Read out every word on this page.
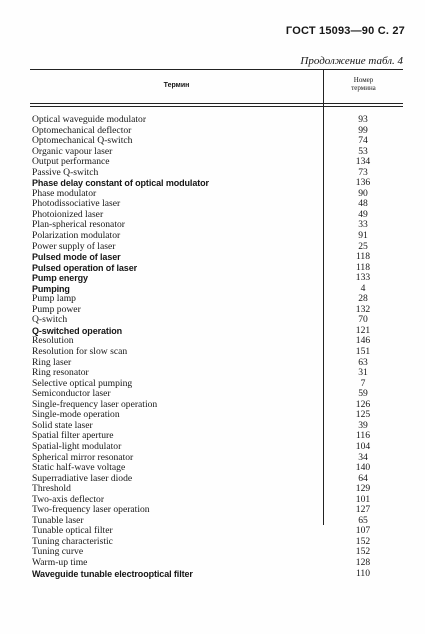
ГОСТ 15093—90 С. 27
Продолжение табл. 4
Термин
Номер
термина
Optical waveguide modulator	93
Optomechanical deflector	99
Optomechanical Q-switch	74
Organic vapour laser	53
Output performance	134
Passive Q-switch	73
Phase delay constant of optical modulator	136
Phase modulator	90
Photodissociative laser	48
Photoionized laser	49
Plan-spherical resonator	33
Polarization modulator	91
Power supply of laser	25
Pulsed mode of laser	118
Pulsed operation of laser	118
Pump energy	133
Pumping	4
Pump lamp	28
Pump power	132
Q-switch	70
Q-switched operation	121
Resolution	146
Resolution for slow scan	151
Ring laser	63
Ring resonator	31
Selective optical pumping	7
Semiconductor laser	59
Single-frequency laser operation	126
Single-mode operation	125
Solid state laser	39
Spatial filter aperture	116
Spatial-light modulator	104
Spherical mirror resonator	34
Static half-wave voltage	140
Superradiative laser diode	64
Threshold	129
Two-axis deflector	101
Two-frequency laser operation	127
Tunable laser	65
Tunable optical filter	107
Tuning characteristic	152
Tuning curve	152
Warm-up time	128
Waveguide tunable electrooptical filter	110
